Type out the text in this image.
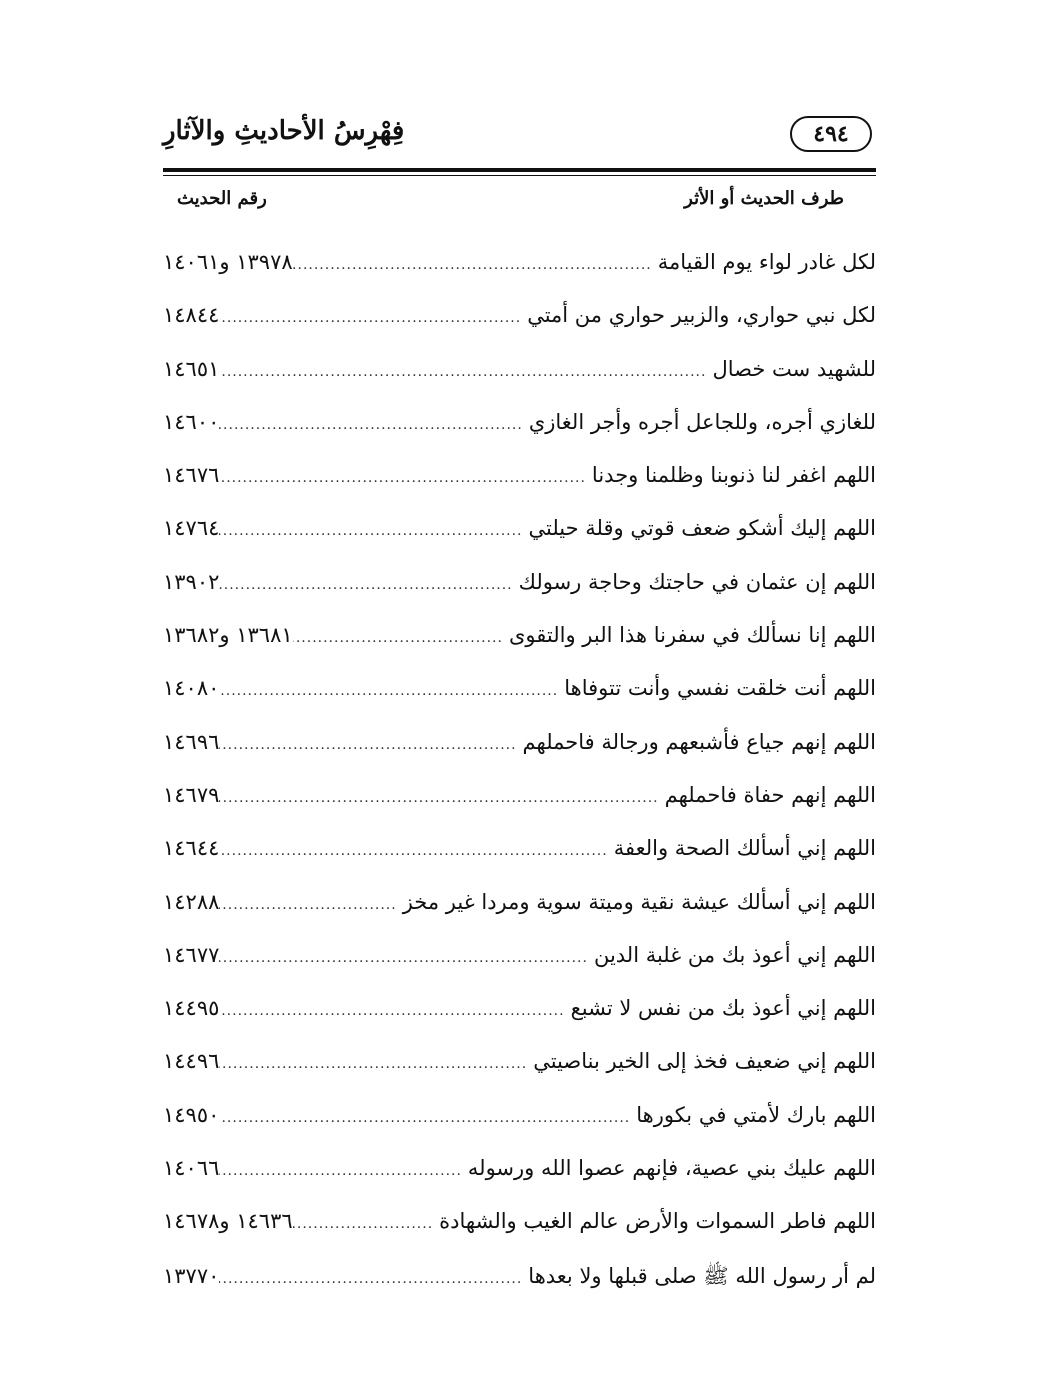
فِهْرِسُ الأحاديثِ والآثارِ	٤٩٤
طرف الحديث أو الأثر
رقم الحديث
لكل غادر لواء يوم القيامة
.....
١٣٩٧٨ و١٤٠٦١
لكل نبي حواري، والزبير حواري من أمتي
.....
١٤٨٤٤
للشهيد ست خصال
.....
١٤٦٥١
للغازي أجره، وللجاعل أجره وأجر الغازي
.....
١٤٦٠٠
اللهم اغفر لنا ذنوبنا وظلمنا وجدنا
.....
١٤٦٧٦
اللهم إليك أشكو ضعف قوتي وقلة حيلتي
.....
١٤٧٦٤
اللهم إن عثمان في حاجتك وحاجة رسولك
.....
١٣٩٠٢
اللهم إنا نسألك في سفرنا هذا البر والتقوى
.....
١٣٦٨١ و١٣٦٨٢
اللهم أنت خلقت نفسي وأنت تتوفاها
.....
١٤٠٨٠
اللهم إنهم جياع فأشبعهم ورجالة فاحملهم
.....
١٤٦٩٦
اللهم إنهم حفاة فاحملهم
.....
١٤٦٧٩
اللهم إني أسألك الصحة والعفة
.....
١٤٦٤٤
اللهم إني أسألك عيشة نقية وميتة سوية ومردا غير مخز
.....
١٤٢٨٨
اللهم إني أعوذ بك من غلبة الدين
.....
١٤٦٧٧
اللهم إني أعوذ بك من نفس لا تشبع
.....
١٤٤٩٥
اللهم إني ضعيف فخذ إلى الخير بناصيتي
.....
١٤٤٩٦
اللهم بارك لأمتي في بكورها
.....
١٤٩٥٠
اللهم عليك بني عصية، فإنهم عصوا الله ورسوله
.....
١٤٠٦٦
اللهم فاطر السموات والأرض عالم الغيب والشهادة
.....
١٤٦٣٦ و١٤٦٧٨
لم أر رسول الله ﷺ صلى قبلها ولا بعدها
.....
١٣٧٧٠
